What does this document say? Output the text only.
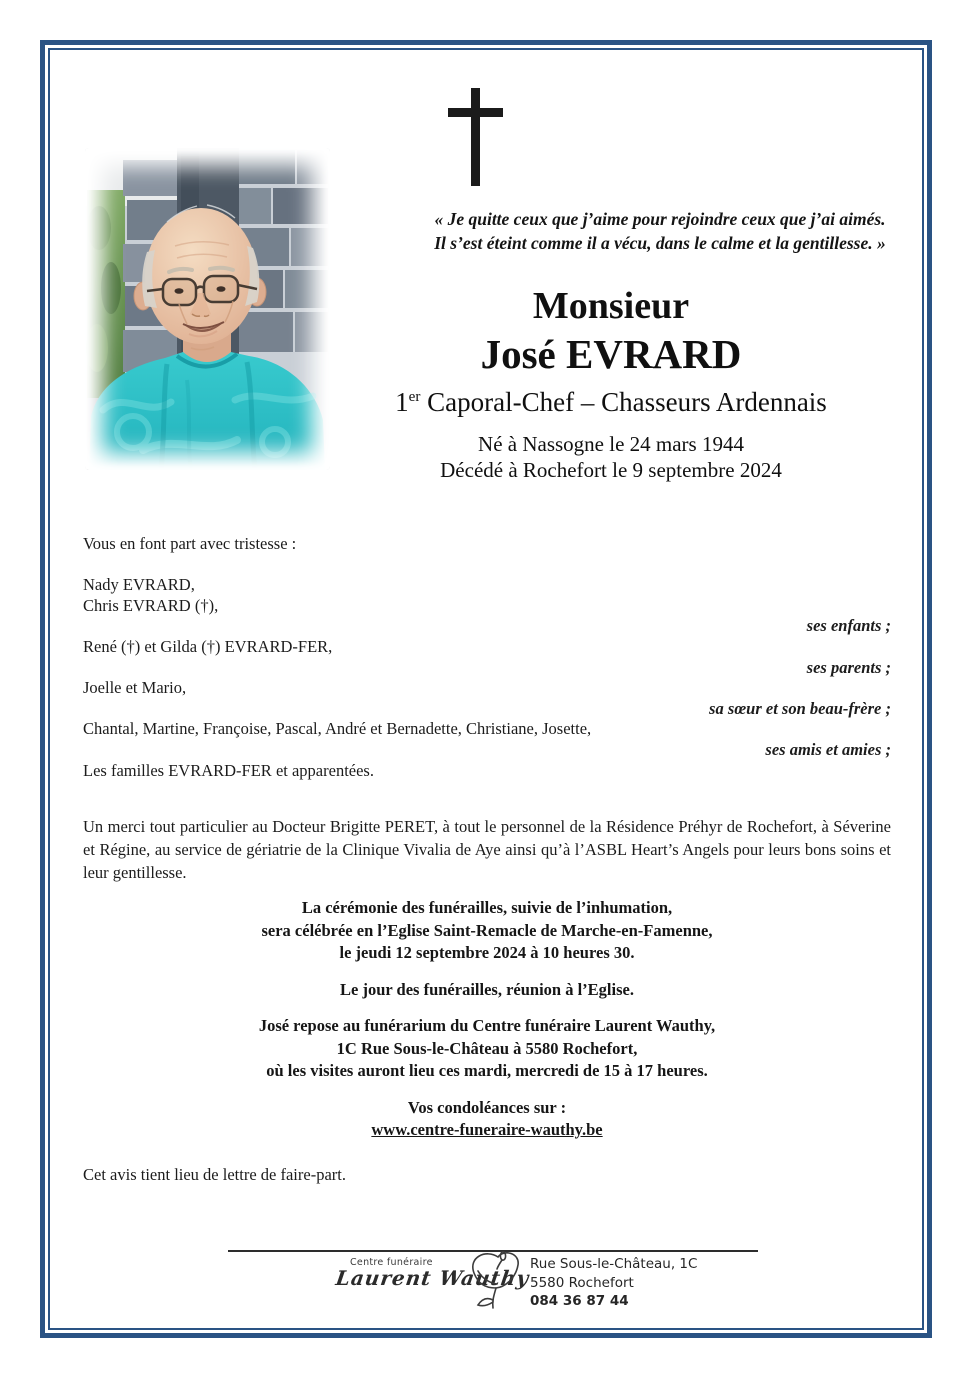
« Je quitte ceux que j’aime pour rejoindre ceux que j’ai aimés.
Il s’est éteint comme il a vécu, dans le calme et la gentillesse. »
Monsieur
José EVRARD
1er Caporal-Chef – Chasseurs Ardennais
Né à Nassogne le 24 mars 1944
Décédé à Rochefort le 9 septembre 2024
Vous en font part avec tristesse :
Nady EVRARD,
Chris EVRARD (†),
ses enfants ;
René (†) et Gilda (†) EVRARD-FER,
ses parents ;
Joelle et Mario,
sa sœur et son beau-frère ;
Chantal, Martine, Françoise, Pascal, André et Bernadette, Christiane, Josette,
ses amis et amies ;
Les familles EVRARD-FER et apparentées.
Un merci tout particulier au Docteur Brigitte PERET, à tout le personnel de la Résidence Préhyr de Rochefort, à Séverine et Régine, au service de gériatrie de la Clinique Vivalia de Aye ainsi qu’à l’ASBL Heart’s Angels pour leurs bons soins et leur gentillesse.
La cérémonie des funérailles, suivie de l’inhumation,
sera célébrée en l’Eglise Saint-Remacle de Marche-en-Famenne,
le jeudi 12 septembre 2024 à 10 heures 30.
Le jour des funérailles, réunion à l’Eglise.
José repose au funérarium du Centre funéraire Laurent Wauthy,
1C Rue Sous-le-Château à 5580 Rochefort,
où les visites auront lieu ces mardi, mercredi de 15 à 17 heures.
Vos condoléances sur :
www.centre-funeraire-wauthy.be
Cet avis tient lieu de lettre de faire-part.
Centre funéraire
Laurent Wauthy
Rue Sous-le-Château, 1C
5580 Rochefort
084 36 87 44
